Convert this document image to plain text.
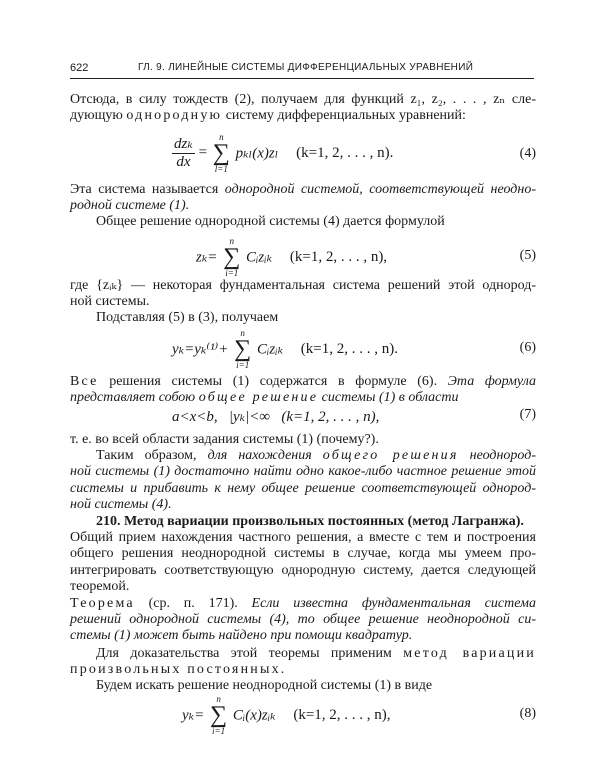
622	ГЛ. 9. ЛИНЕЙНЫЕ СИСТЕМЫ ДИФФЕРЕНЦИАЛЬНЫХ УРАВНЕНИЙ
Отсюда, в силу тождеств (2), получаем для функций z₁, z₂, . . . , zₙ сле-
дующую однородную систему дифференциальных уравнений:
$\frac{\text{dzₖ}}{dx}$ =
n
∑
l=1
pₖₗ(x)zₗ (k=1, 2, . . . , n).	(4)
Эта система называется однородной системой, соответствующей неодно-
родной системе (1).
Общее решение однородной системы (4) дается формулой
zₖ=
n
∑
i=1
Cᵢzᵢₖ (k=1, 2, . . . , n),	(5)
где {zᵢₖ} — некоторая фундаментальная система решений этой однород-
ной системы.
Подставляя (5) в (3), получаем
yₖ=yₖ⁽¹⁾+
n
∑
i=1
Cᵢzᵢₖ (k=1, 2, . . . , n).	(6)
Все решения системы (1) содержатся в формуле (6). Эта формула
представляет собою общее решение системы (1) в области
a<x<b,   |yₖ|<∞   (k=1, 2, . . . , n),	(7)
т. е. во всей области задания системы (1) (почему?).
Таким образом, для нахождения общего решения неоднород-
ной системы (1) достаточно найти одно какое-либо частное решение этой
системы и прибавить к нему общее решение соответствующей однород-
ной системы (4).
210. Метод вариации произвольных постоянных (метод Лагранжа).
Общий прием нахождения частного решения, а вместе с тем и построения
общего решения неоднородной системы в случае, когда мы умеем про-
интегрировать соответствующую однородную систему, дается следующей
теоремой.
Теорема (ср. п. 171). Если известна фундаментальная система
решений однородной системы (4), то общее решение неоднородной си-
стемы (1) может быть найдено при помощи квадратур.
Для доказательства этой теоремы применим метод вариации
произвольных постоянных.
Будем искать решение неоднородной системы (1) в виде
yₖ=
n
∑
i=1
Cᵢ(x)zᵢₖ (k=1, 2, . . . , n),	(8)
